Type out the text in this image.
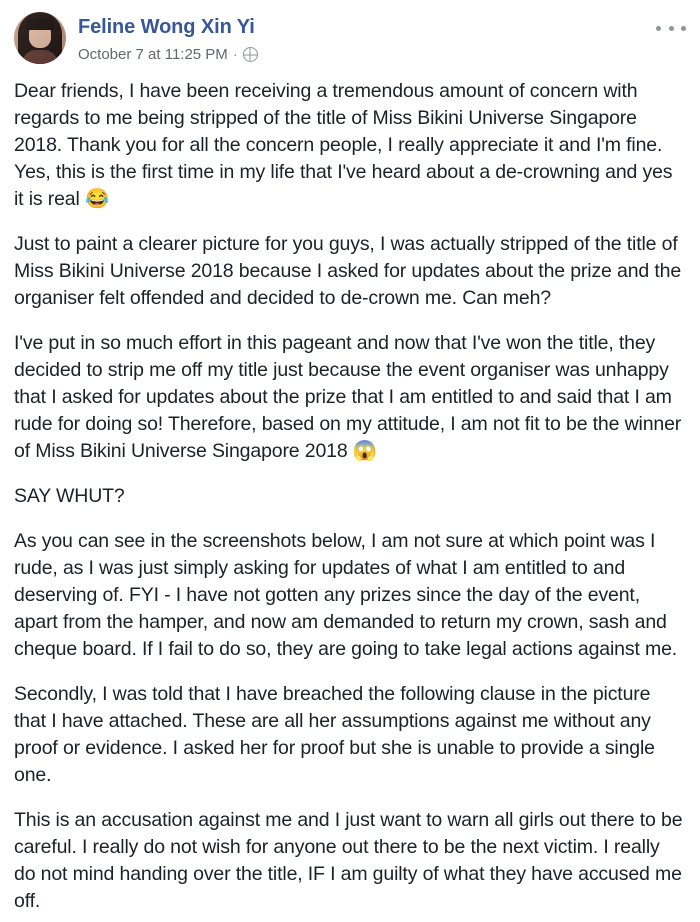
Feline Wong Xin Yi
October 7 at 11:25 PM ·

Dear friends, I have been receiving a tremendous amount of concern with regards to me being stripped of the title of Miss Bikini Universe Singapore 2018. Thank you for all the concern people, I really appreciate it and I'm fine. Yes, this is the first time in my life that I've heard about a de-crowning and yes it is real 😂

Just to paint a clearer picture for you guys, I was actually stripped of the title of Miss Bikini Universe 2018 because I asked for updates about the prize and the organiser felt offended and decided to de-crown me. Can meh?

I've put in so much effort in this pageant and now that I've won the title, they decided to strip me off my title just because the event organiser was unhappy that I asked for updates about the prize that I am entitled to and said that I am rude for doing so! Therefore, based on my attitude, I am not fit to be the winner of Miss Bikini Universe Singapore 2018 😱

SAY WHUT?

As you can see in the screenshots below, I am not sure at which point was I rude, as I was just simply asking for updates of what I am entitled to and deserving of. FYI - I have not gotten any prizes since the day of the event, apart from the hamper, and now am demanded to return my crown, sash and cheque board. If I fail to do so, they are going to take legal actions against me.

Secondly, I was told that I have breached the following clause in the picture that I have attached. These are all her assumptions against me without any proof or evidence. I asked her for proof but she is unable to provide a single one.

This is an accusation against me and I just want to warn all girls out there to be careful. I really do not wish for anyone out there to be the next victim. I really do not mind handing over the title, IF I am guilty of what they have accused me off.
